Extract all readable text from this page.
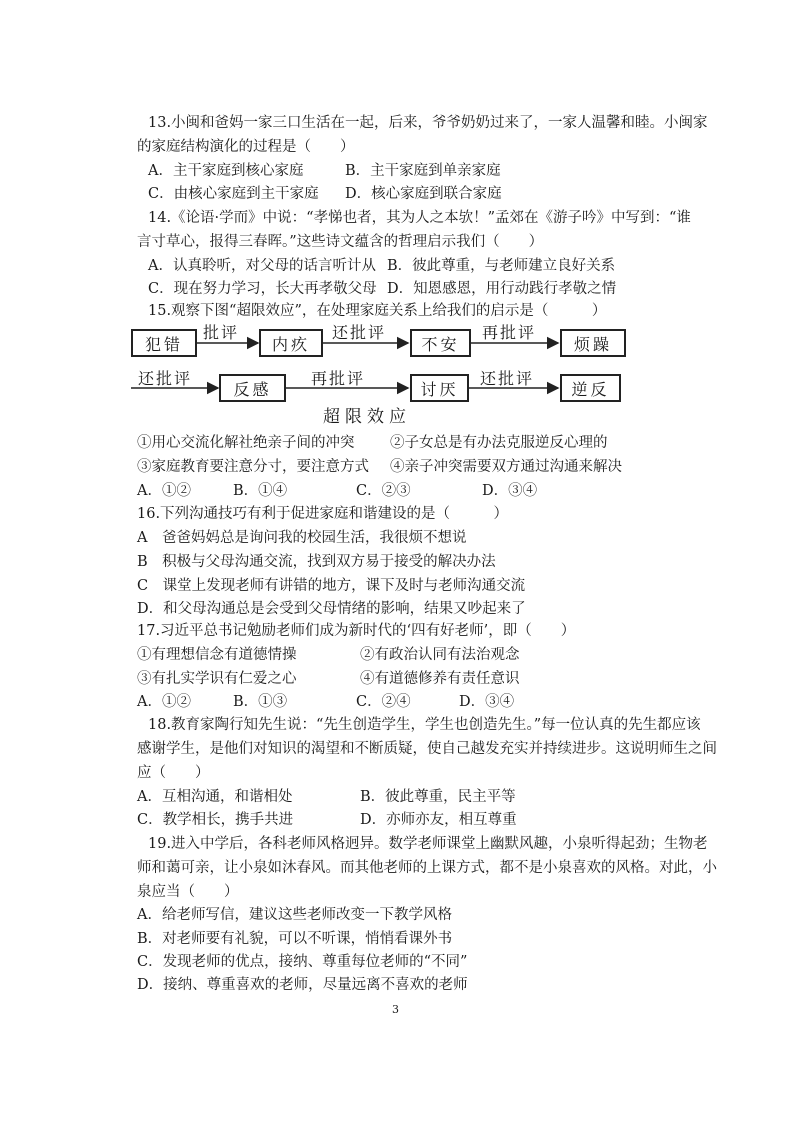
13.小闽和爸妈一家三口生活在一起，后来，爷爷奶奶过来了，一家人温馨和睦。小闽家
的家庭结构演化的过程是（　　）
A．主干家庭到核心家庭	B．主干家庭到单亲家庭
C．由核心家庭到主干家庭 D．核心家庭到联合家庭
14.《论语·学而》中说：“孝悌也者，其为人之本欤！”孟郊在《游子吟》中写到：“谁
言寸草心，报得三春晖。”这些诗文蕴含的哲理启示我们（　　）
A．认真聆听，对父母的话言听计从 B．彼此尊重，与老师建立良好关系
C．现在努力学习，长大再孝敬父母 D．知恩感恩，用行动践行孝敬之情
15.观察下图“超限效应”，在处理家庭关系上给我们的启示是（　　　）
犯错	内疚	不安	烦躁
反感	讨厌	逆反
批评	还批评	再批评
还批评	再批评	还批评
超限效应
①用心交流化解社绝亲子间的冲突 ②子女总是有办法克服逆反心理的
③家庭教育要注意分寸，要注意方式 ④亲子冲突需要双方通过沟通来解决
A．①②	B．①④	C．②③	D．③④
16.下列沟通技巧有利于促进家庭和谐建设的是（　　　）
A　爸爸妈妈总是询问我的校园生活，我很烦不想说
B　积极与父母沟通交流，找到双方易于接受的解决办法
C　课堂上发现老师有讲错的地方，课下及时与老师沟通交流
D．和父母沟通总是会受到父母情绪的影响，结果又吵起来了
17.习近平总书记勉励老师们成为新时代的‘四有好老师’，即（　　）
①有理想信念有道德情操	②有政治认同有法治观念
③有扎实学识有仁爱之心	④有道德修养有责任意识
A．①②	B．①③	C．②④	D．③④
18.教育家陶行知先生说：“先生创造学生，学生也创造先生。”每一位认真的先生都应该
感谢学生，是他们对知识的渴望和不断质疑，使自己越发充实并持续进步。这说明师生之间
应（　　）
A．互相沟通，和谐相处	B．彼此尊重，民主平等
C．教学相长，携手共进	D．亦师亦友，相互尊重
19.进入中学后，各科老师风格迥异。数学老师课堂上幽默风趣，小泉听得起劲；生物老
师和蔼可亲，让小泉如沐春风。而其他老师的上课方式，都不是小泉喜欢的风格。对此，小
泉应当（　　）
A．给老师写信，建议这些老师改变一下教学风格
B．对老师要有礼貌，可以不听课，悄悄看课外书
C．发现老师的优点，接纳、尊重每位老师的“不同”
D．接纳、尊重喜欢的老师，尽量远离不喜欢的老师
3
